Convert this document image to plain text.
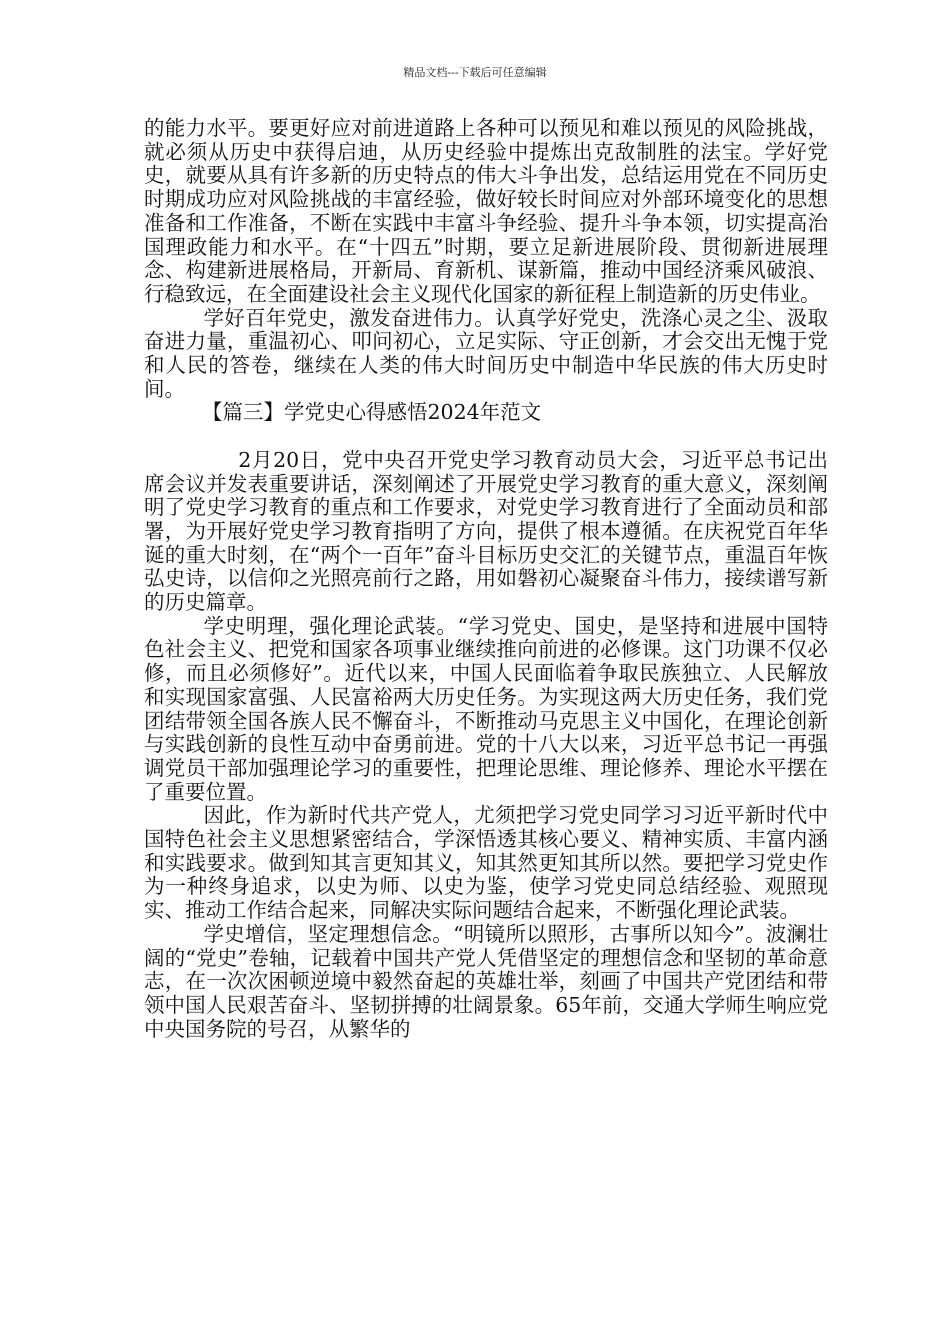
精品文档---下载后可任意编辑

的能力水平。要更好应对前进道路上各种可以预见和难以预见的风险挑战，就必须从历史中获得启迪，从历史经验中提炼出克敌制胜的法宝。学好党史，就要从具有许多新的历史特点的伟大斗争出发，总结运用党在不同历史时期成功应对风险挑战的丰富经验，做好较长时间应对外部环境变化的思想准备和工作准备，不断在实践中丰富斗争经验、提升斗争本领，切实提高治国理政能力和水平。在“十四五”时期，要立足新进展阶段、贯彻新进展理念、构建新进展格局，开新局、育新机、谋新篇，推动中国经济乘风破浪、行稳致远，在全面建设社会主义现代化国家的新征程上制造新的历史伟业。

学好百年党史，激发奋进伟力。认真学好党史，洗涤心灵之尘、汲取奋进力量，重温初心、叩问初心，立足实际、守正创新，才会交出无愧于党和人民的答卷，继续在人类的伟大时间历史中制造中华民族的伟大历史时间。

【篇三】学党史心得感悟2024年范文

2月20日，党中央召开党史学习教育动员大会，习近平总书记出席会议并发表重要讲话，深刻阐述了开展党史学习教育的重大意义，深刻阐明了党史学习教育的重点和工作要求，对党史学习教育进行了全面动员和部署，为开展好党史学习教育指明了方向，提供了根本遵循。在庆祝党百年华诞的重大时刻，在“两个一百年”奋斗目标历史交汇的关键节点，重温百年恢弘史诗，以信仰之光照亮前行之路，用如磐初心凝聚奋斗伟力，接续谱写新的历史篇章。

学史明理，强化理论武装。“学习党史、国史，是坚持和进展中国特色社会主义、把党和国家各项事业继续推向前进的必修课。这门功课不仅必修，而且必须修好”。近代以来，中国人民面临着争取民族独立、人民解放和实现国家富强、人民富裕两大历史任务。为实现这两大历史任务，我们党团结带领全国各族人民不懈奋斗，不断推动马克思主义中国化，在理论创新与实践创新的良性互动中奋勇前进。党的十八大以来，习近平总书记一再强调党员干部加强理论学习的重要性，把理论思维、理论修养、理论水平摆在了重要位置。

因此，作为新时代共产党人，尤须把学习党史同学习习近平新时代中国特色社会主义思想紧密结合，学深悟透其核心要义、精神实质、丰富内涵和实践要求。做到知其言更知其义，知其然更知其所以然。要把学习党史作为一种终身追求，以史为师、以史为鉴，使学习党史同总结经验、观照现实、推动工作结合起来，同解决实际问题结合起来，不断强化理论武装。

学史增信，坚定理想信念。“明镜所以照形，古事所以知今”。波澜壮阔的“党史”卷轴，记载着中国共产党人凭借坚定的理想信念和坚韧的革命意志，在一次次困顿逆境中毅然奋起的英雄壮举，刻画了中国共产党团结和带领中国人民艰苦奋斗、坚韧拼搏的壮阔景象。65年前，交通大学师生响应党中央国务院的号召，从繁华的
